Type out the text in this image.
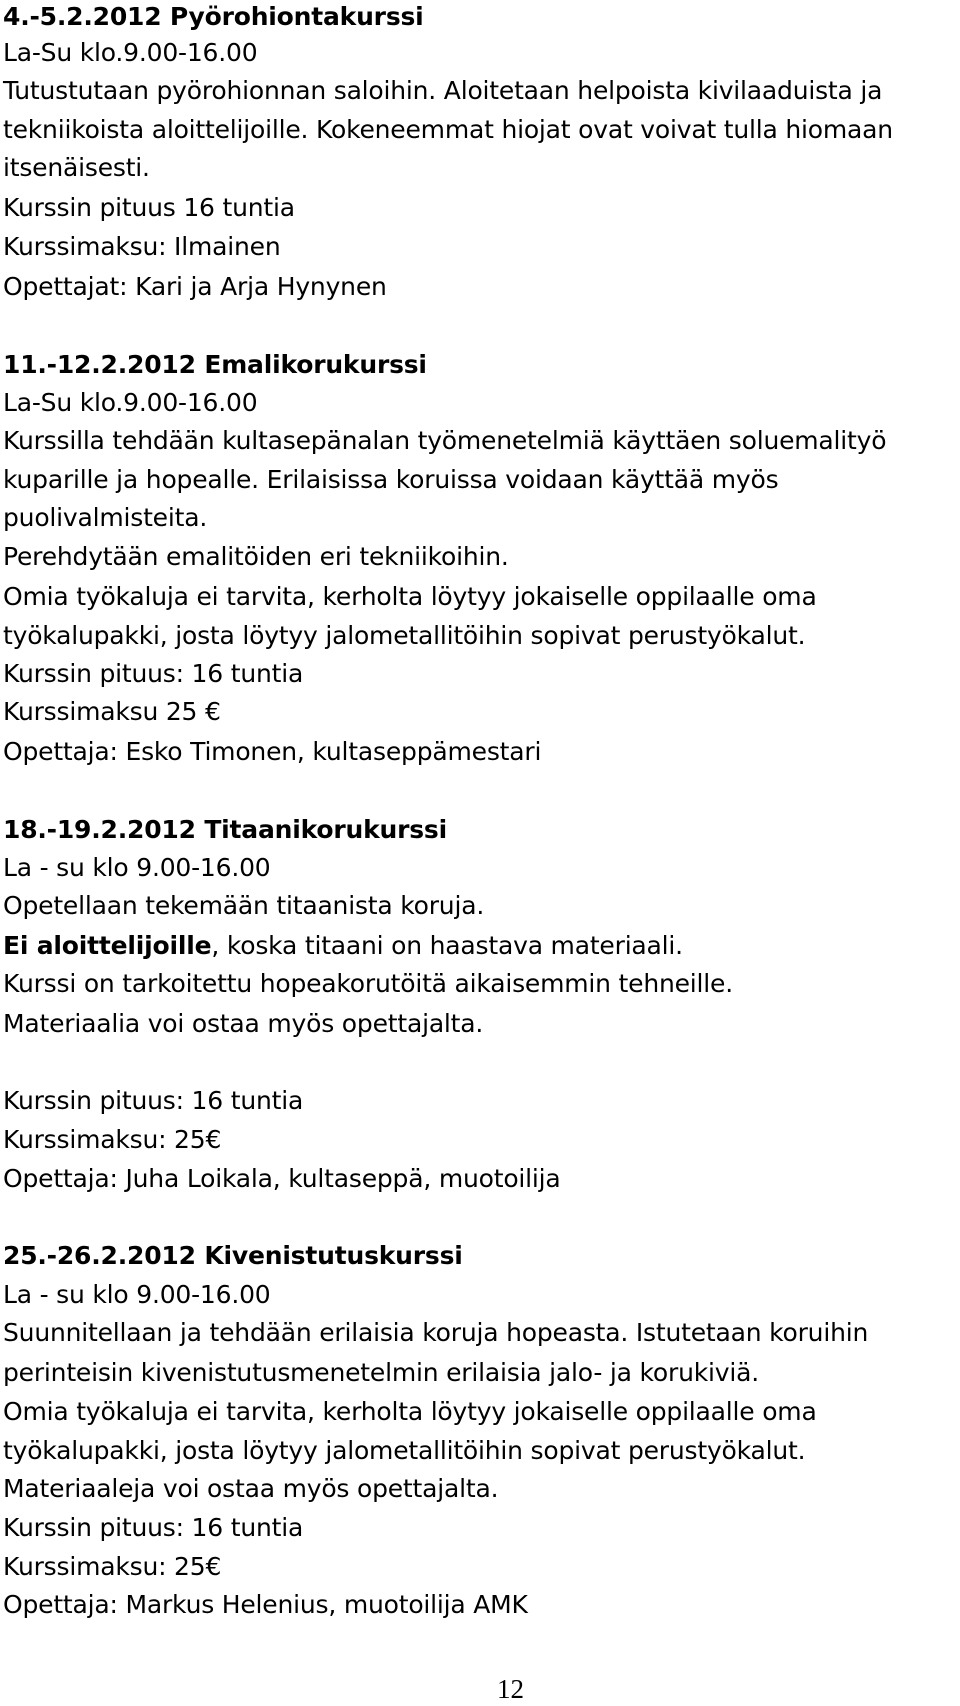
4.-5.2.2012 Pyörohiontakurssi
La-Su klo.9.00-16.00
Tutustutaan pyörohionnan saloihin. Aloitetaan helpoista kivilaaduista ja
tekniikoista aloittelijoille. Kokeneemmat hiojat ovat voivat tulla hiomaan
itsenäisesti.
Kurssin pituus 16 tuntia
Kurssimaksu: Ilmainen
Opettajat: Kari ja Arja Hynynen
11.-12.2.2012 Emalikorukurssi
La-Su klo.9.00-16.00
Kurssilla tehdään kultasepänalan työmenetelmiä käyttäen soluemalityö
kuparille ja hopealle. Erilaisissa koruissa voidaan käyttää myös
puolivalmisteita.
Perehdytään emalitöiden eri tekniikoihin.
Omia työkaluja ei tarvita, kerholta löytyy jokaiselle oppilaalle oma
työkalupakki, josta löytyy jalometallitöihin sopivat perustyökalut.
Kurssin pituus: 16 tuntia
Kurssimaksu 25 €
Opettaja: Esko Timonen, kultaseppämestari
18.-19.2.2012 Titaanikorukurssi
La - su klo 9.00-16.00
Opetellaan tekemään titaanista koruja.
Ei aloittelijoille, koska titaani on haastava materiaali.
Kurssi on tarkoitettu hopeakorutöitä aikaisemmin tehneille.
Materiaalia voi ostaa myös opettajalta.
Kurssin pituus: 16 tuntia
Kurssimaksu: 25€
Opettaja: Juha Loikala, kultaseppä, muotoilija
25.-26.2.2012 Kivenistutuskurssi
La - su klo 9.00-16.00
Suunnitellaan ja tehdään erilaisia koruja hopeasta. Istutetaan koruihin
perinteisin kivenistutusmenetelmin erilaisia jalo- ja korukiviä.
Omia työkaluja ei tarvita, kerholta löytyy jokaiselle oppilaalle oma
työkalupakki, josta löytyy jalometallitöihin sopivat perustyökalut.
Materiaaleja voi ostaa myös opettajalta.
Kurssin pituus: 16 tuntia
Kurssimaksu: 25€
Opettaja: Markus Helenius, muotoilija AMK
12
